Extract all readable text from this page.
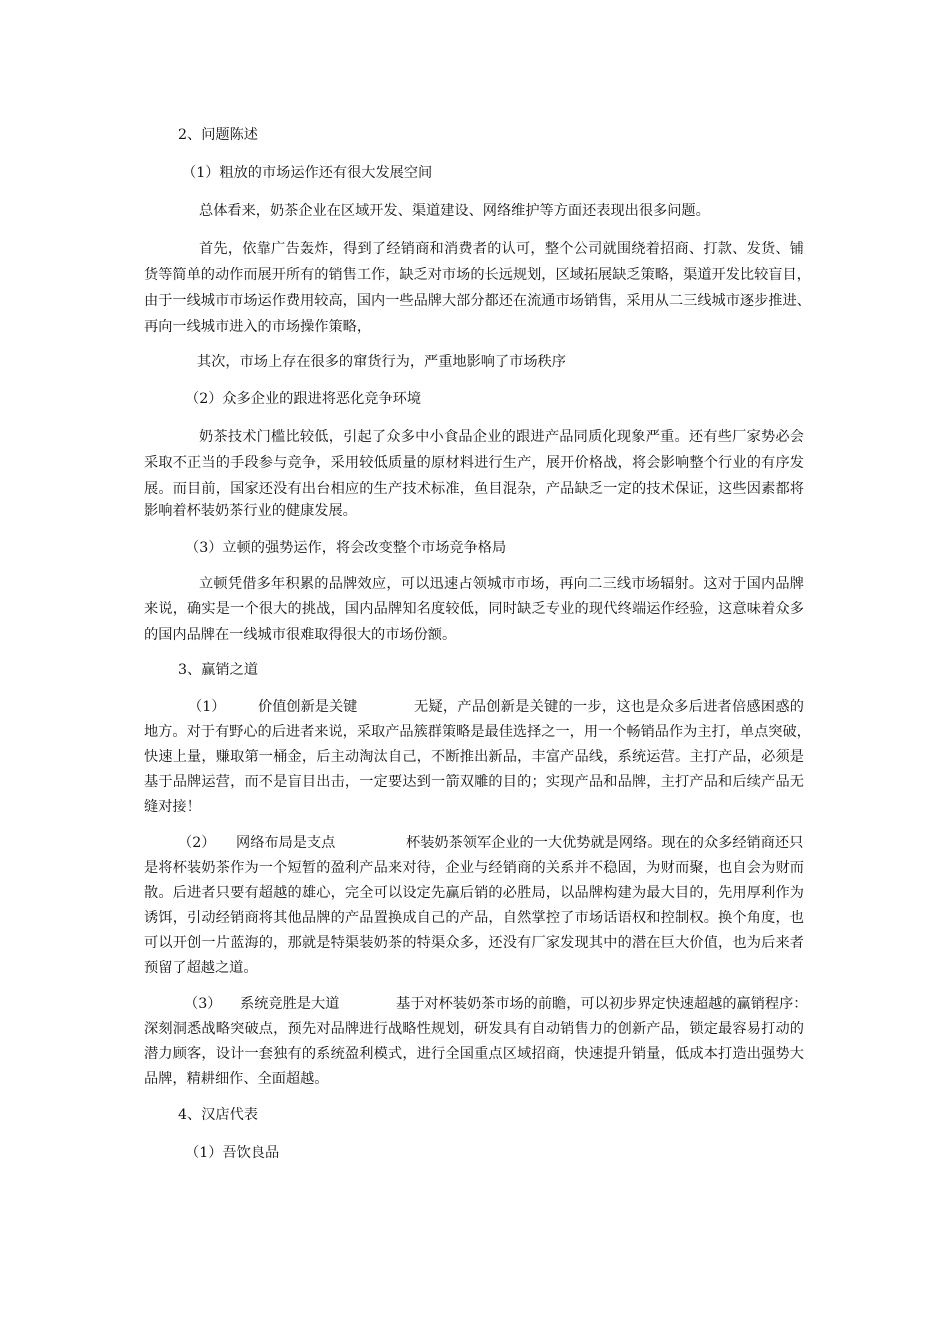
2、问题陈述
（1）粗放的市场运作还有很大发展空间
总体看来，奶茶企业在区域开发、渠道建设、网络维护等方面还表现出很多问题。
首先，依靠广告轰炸，得到了经销商和消费者的认可，整个公司就围绕着招商、打款、发货、铺
货等简单的动作而展开所有的销售工作，缺乏对市场的长远规划，区域拓展缺乏策略，渠道开发比较盲目，
由于一线城市市场运作费用较高，国内一些品牌大部分都还在流通市场销售，采用从二三线城市逐步推进、
再向一线城市进入的市场操作策略，
其次，市场上存在很多的窜货行为，严重地影响了市场秩序
（2）众多企业的跟进将恶化竞争环境
奶茶技术门槛比较低，引起了众多中小食品企业的跟进产品同质化现象严重。还有些厂家势必会
采取不正当的手段参与竞争，采用较低质量的原材料进行生产，展开价格战，将会影响整个行业的有序发
展。而目前，国家还没有出台相应的生产技术标准，鱼目混杂，产品缺乏一定的技术保证，这些因素都将
影响着杯装奶茶行业的健康发展。
（3）立顿的强势运作，将会改变整个市场竞争格局
立顿凭借多年积累的品牌效应，可以迅速占领城市市场，再向二三线市场辐射。这对于国内品牌
来说，确实是一个很大的挑战，国内品牌知名度较低，同时缺乏专业的现代终端运作经验，这意味着众多
的国内品牌在一线城市很难取得很大的市场份额。
3、赢销之道
（1） 价值创新是关键	无疑，产品创新是关键的一步，这也是众多后进者倍感困惑的
地方。对于有野心的后进者来说，采取产品簇群策略是最佳选择之一，用一个畅销品作为主打，单点突破，
快速上量，赚取第一桶金，后主动淘汰自己，不断推出新品，丰富产品线，系统运营。主打产品，必须是
基于品牌运营，而不是盲目出击，一定要达到一箭双雕的目的；实现产品和品牌，主打产品和后续产品无
缝对接！
（2） 网络布局是支点	杯装奶茶领军企业的一大优势就是网络。现在的众多经销商还只
是将杯装奶茶作为一个短暂的盈利产品来对待，企业与经销商的关系并不稳固，为财而聚，也自会为财而
散。后进者只要有超越的雄心，完全可以设定先赢后销的必胜局，以品牌构建为最大目的，先用厚利作为
诱饵，引动经销商将其他品牌的产品置换成自己的产品，自然掌控了市场话语权和控制权。换个角度，也
可以开创一片蓝海的，那就是特渠装奶茶的特渠众多，还没有厂家发现其中的潜在巨大价值，也为后来者
预留了超越之道。
（3） 系统竞胜是大道	基于对杯装奶茶市场的前瞻，可以初步界定快速超越的赢销程序：
深刻洞悉战略突破点，预先对品牌进行战略性规划，研发具有自动销售力的创新产品，锁定最容易打动的
潜力顾客，设计一套独有的系统盈利模式，进行全国重点区域招商，快速提升销量，低成本打造出强势大
品牌，精耕细作、全面超越。
4、汉店代表
（1）吾饮良品
